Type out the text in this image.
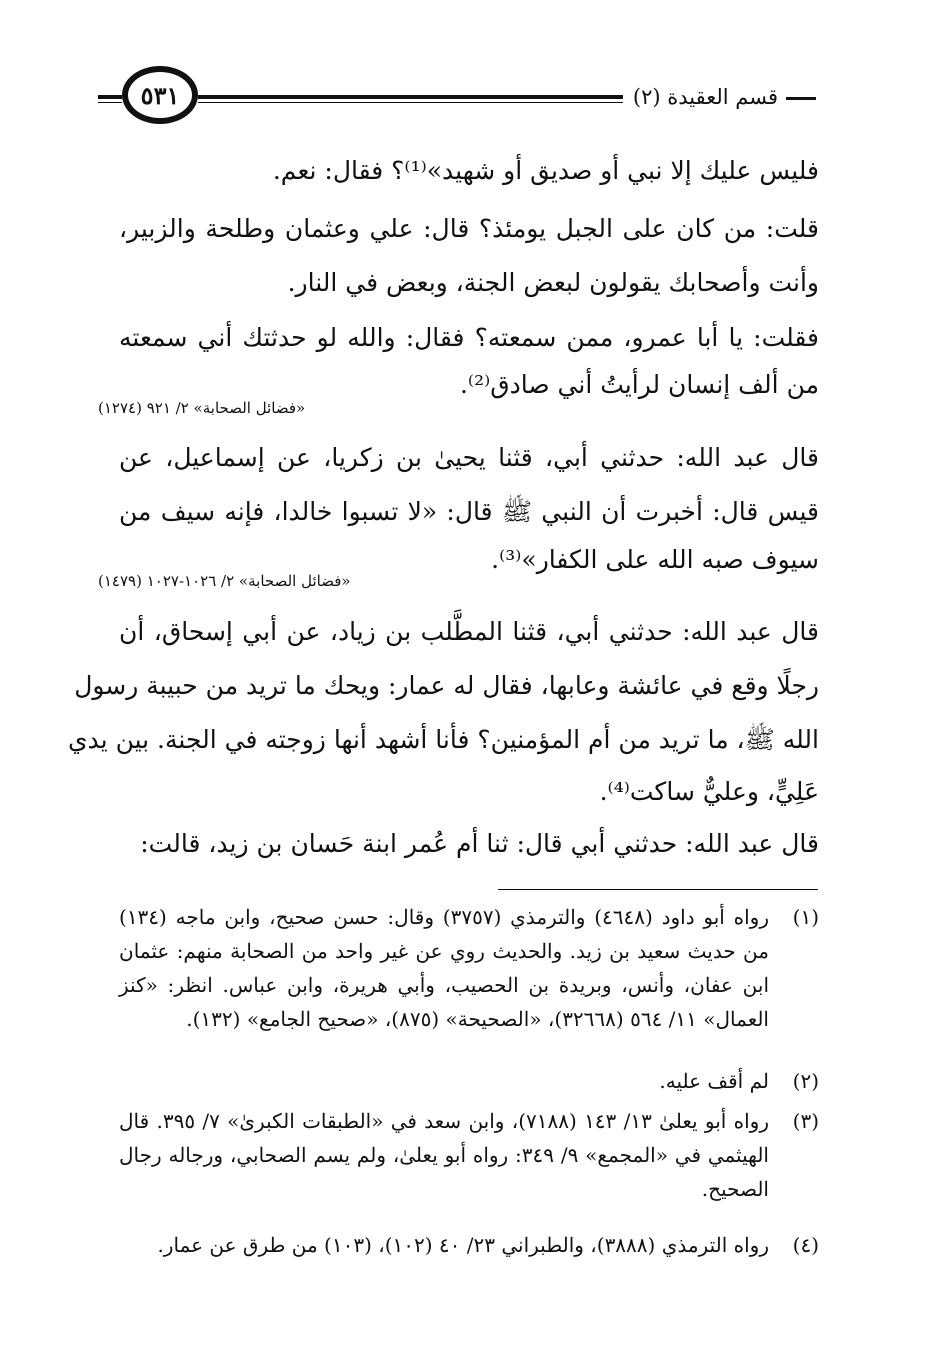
٥٣١	قسم العقيدة (٢)
فليس عليك إلا نبي أو صديق أو شهيد»⁽¹⁾؟ فقال: نعم.
قلت: من كان على الجبل يومئذ؟ قال: علي وعثمان وطلحة والزبير،
وأنت وأصحابك يقولون لبعض الجنة، وبعض في النار.
فقلت: يا أبا عمرو، ممن سمعته؟ فقال: والله لو حدثتك أني سمعته
من ألف إنسان لرأيتُ أني صادق⁽²⁾.
«فضائل الصحابة» ٢/ ٩٢١ (١٢٧٤)
قال عبد الله: حدثني أبي، قثنا يحيىٰ بن زكريا، عن إسماعيل، عن
قيس قال: أخبرت أن النبي ﷺ قال: «لا تسبوا خالدا، فإنه سيف من
سيوف صبه الله على الكفار»⁽³⁾.
«فضائل الصحابة» ٢/ ١٠٢٦-١٠٢٧ (١٤٧٩)
قال عبد الله: حدثني أبي، قثنا المطَّلب بن زياد، عن أبي إسحاق، أن
رجلًا وقع في عائشة وعابها، فقال له عمار: ويحك ما تريد من حبيبة رسول
الله ﷺ، ما تريد من أم المؤمنين؟ فأنا أشهد أنها زوجته في الجنة. بين يدي
عَلِيٍّ، وعليٌّ ساكت⁽⁴⁾.
قال عبد الله: حدثني أبي قال: ثنا أم عُمر ابنة حَسان بن زيد، قالت:
(١)
رواه أبو داود (٤٦٤٨) والترمذي (٣٧٥٧) وقال: حسن صحيح، وابن ماجه (١٣٤) من حديث سعيد بن زيد. والحديث روي عن غير واحد من الصحابة منهم: عثمان ابن عفان، وأنس، وبريدة بن الحصيب، وأبي هريرة، وابن عباس. انظر: «كنز العمال» ١١/ ٥٦٤ (٣٢٦٦٨)، «الصحيحة» (٨٧٥)، «صحيح الجامع» (١٣٢).
(٢)
لم أقف عليه.
(٣)
رواه أبو يعلىٰ ١٣/ ١٤٣ (٧١٨٨)، وابن سعد في «الطبقات الكبرىٰ» ٧/ ٣٩٥. قال الهيثمي في «المجمع» ٩/ ٣٤٩: رواه أبو يعلىٰ، ولم يسم الصحابي، ورجاله رجال الصحيح.
(٤)
رواه الترمذي (٣٨٨٨)، والطبراني ٢٣/ ٤٠ (١٠٢)، (١٠٣) من طرق عن عمار.
